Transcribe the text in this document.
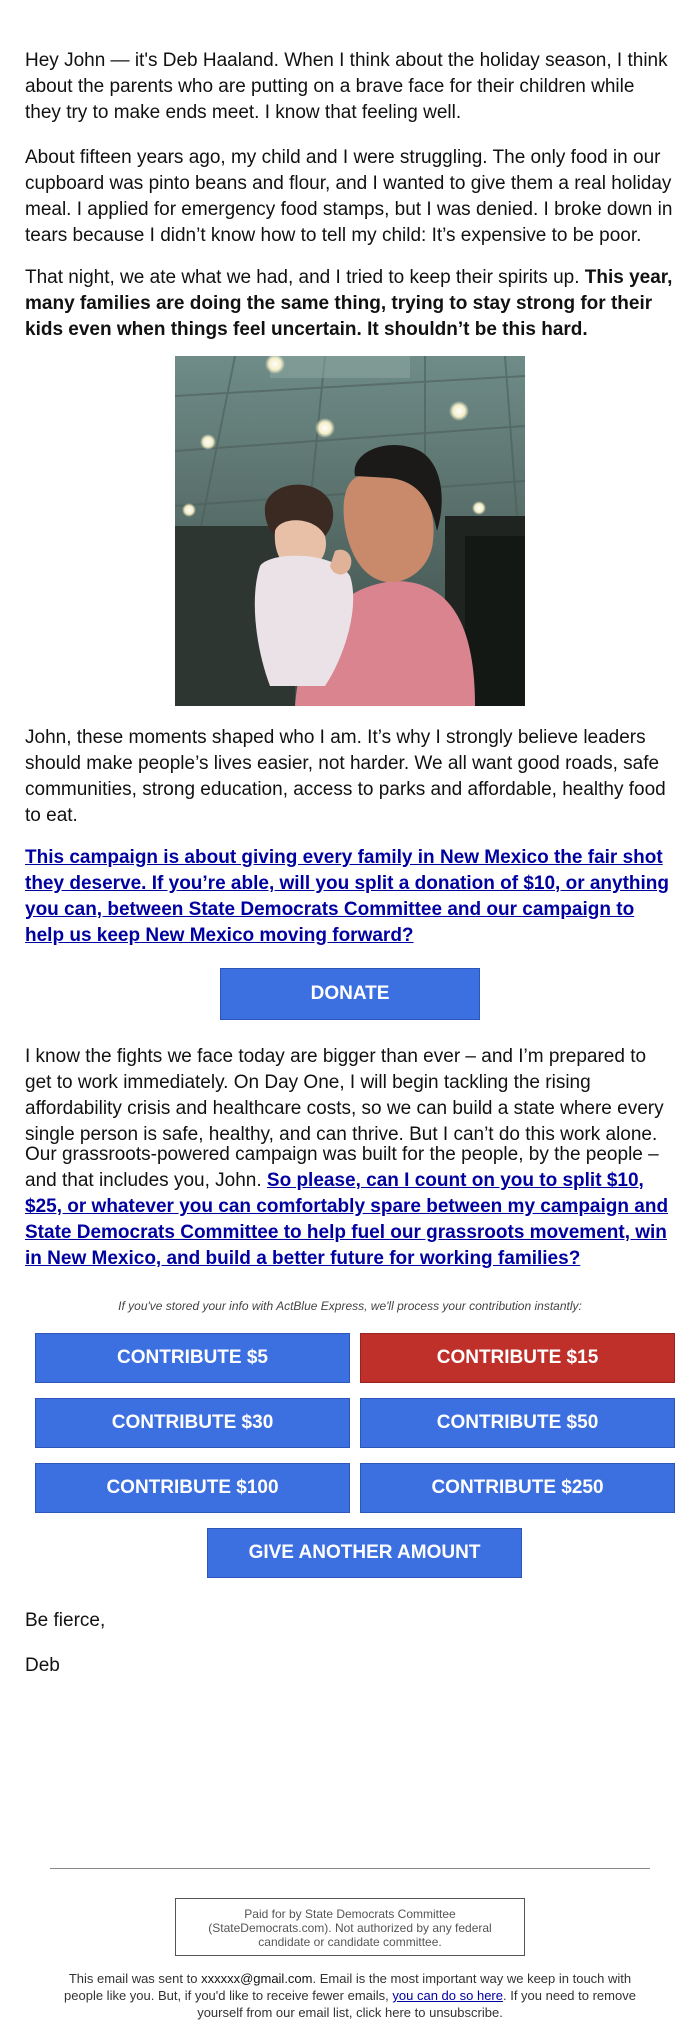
Hey John — it's Deb Haaland. When I think about the holiday season, I think about the parents who are putting on a brave face for their children while they try to make ends meet. I know that feeling well.

About fifteen years ago, my child and I were struggling. The only food in our cupboard was pinto beans and flour, and I wanted to give them a real holiday meal. I applied for emergency food stamps, but I was denied. I broke down in tears because I didn’t know how to tell my child: It’s expensive to be poor.

That night, we ate what we had, and I tried to keep their spirits up. This year, many families are doing the same thing, trying to stay strong for their kids even when things feel uncertain. It shouldn’t be this hard.

John, these moments shaped who I am. It’s why I strongly believe leaders should make people’s lives easier, not harder. We all want good roads, safe communities, strong education, access to parks and affordable, healthy food to eat.

This campaign is about giving every family in New Mexico the fair shot they deserve. If you’re able, will you split a donation of $10, or anything you can, between State Democrats Committee and our campaign to help us keep New Mexico moving forward?

DONATE

I know the fights we face today are bigger than ever – and I’m prepared to get to work immediately. On Day One, I will begin tackling the rising affordability crisis and healthcare costs, so we can build a state where every single person is safe, healthy, and can thrive. But I can’t do this work alone.

Our grassroots-powered campaign was built for the people, by the people – and that includes you, John. So please, can I count on you to split $10, $25, or whatever you can comfortably spare between my campaign and State Democrats Committee to help fuel our grassroots movement, win in New Mexico, and build a better future for working families?

If you've stored your info with ActBlue Express, we'll process your contribution instantly:
CONTRIBUTE $5	CONTRIBUTE $15
CONTRIBUTE $30	CONTRIBUTE $50
CONTRIBUTE $100	CONTRIBUTE $250
GIVE ANOTHER AMOUNT

Be fierce,

Deb

Paid for by State Democrats Committee (StateDemocrats.com). Not authorized by any federal candidate or candidate committee.
This email was sent to xxxxxx@gmail.com. Email is the most important way we keep in touch with people like you. But, if you'd like to receive fewer emails, you can do so here. If you need to remove yourself from our email list, click here to unsubscribe.
